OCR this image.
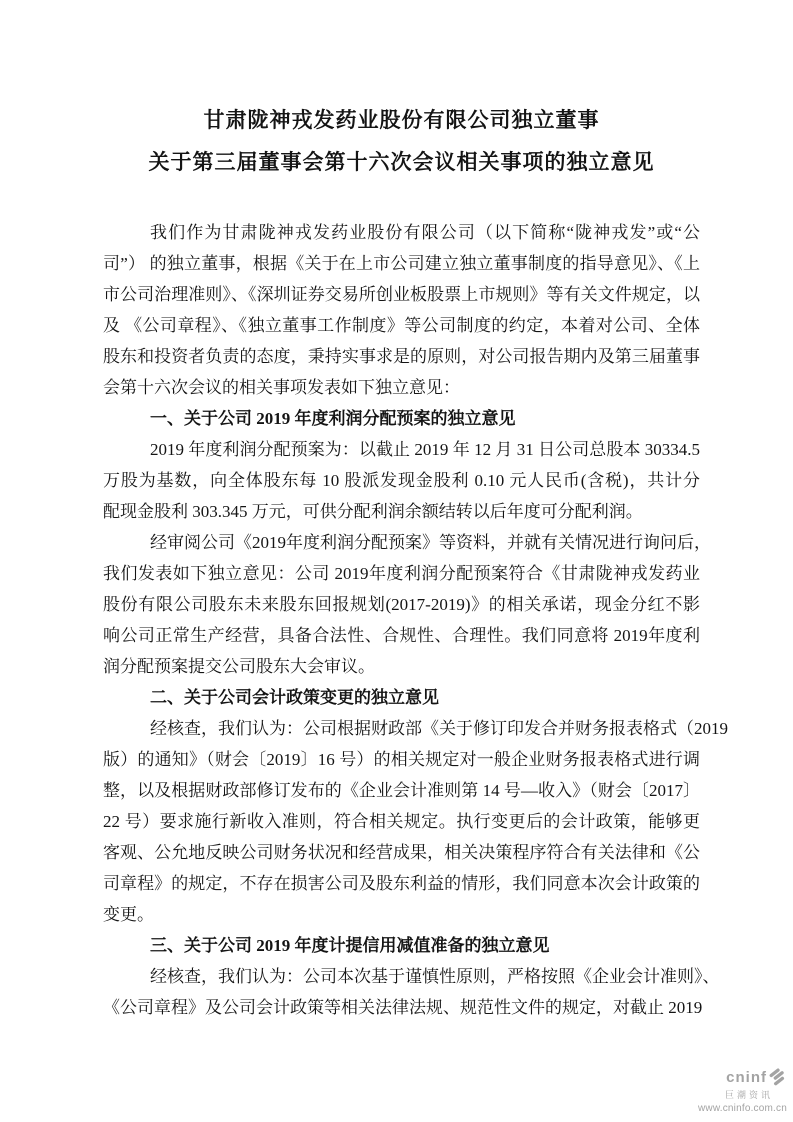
甘肃陇神戎发药业股份有限公司独立董事
关于第三届董事会第十六次会议相关事项的独立意见
我们作为甘肃陇神戎发药业股份有限公司（以下简称“陇神戎发”或“公
司”） 的独立董事，根据《关于在上市公司建立独立董事制度的指导意见》、《上
市公司治理准则》、《深圳证券交易所创业板股票上市规则》等有关文件规定，以
及 《公司章程》、《独立董事工作制度》等公司制度的约定，本着对公司、全体
股东和投资者负责的态度，秉持实事求是的原则，对公司报告期内及第三届董事
会第十六次会议的相关事项发表如下独立意见：
一、关于公司 2019 年度利润分配预案的独立意见
2019 年度利润分配预案为：以截止 2019 年 12 月 31 日公司总股本 30334.5
万股为基数，向全体股东每 10 股派发现金股利 0.10 元人民币(含税)，共计分
配现金股利 303.345 万元，可供分配利润余额结转以后年度可分配利润。
经审阅公司《2019年度利润分配预案》等资料，并就有关情况进行询问后，
我们发表如下独立意见：公司 2019年度利润分配预案符合《甘肃陇神戎发药业
股份有限公司股东未来股东回报规划(2017-2019)》的相关承诺，现金分红不影
响公司正常生产经营，具备合法性、合规性、合理性。我们同意将 2019年度利
润分配预案提交公司股东大会审议。
二、关于公司会计政策变更的独立意见
经核查，我们认为：公司根据财政部《关于修订印发合并财务报表格式（2019
版）的通知》（财会〔2019〕16 号）的相关规定对一般企业财务报表格式进行调
整，以及根据财政部修订发布的《企业会计准则第 14 号—收入》（财会〔2017〕
22 号）要求施行新收入准则，符合相关规定。执行变更后的会计政策，能够更
客观、公允地反映公司财务状况和经营成果，相关决策程序符合有关法律和《公
司章程》的规定，不存在损害公司及股东利益的情形，我们同意本次会计政策的
变更。
三、关于公司 2019 年度计提信用减值准备的独立意见
经核查，我们认为：公司本次基于谨慎性原则，严格按照《企业会计准则》、
《公司章程》及公司会计政策等相关法律法规、规范性文件的规定，对截止 2019
cninf
巨潮资讯
www.cninfo.com.cn
